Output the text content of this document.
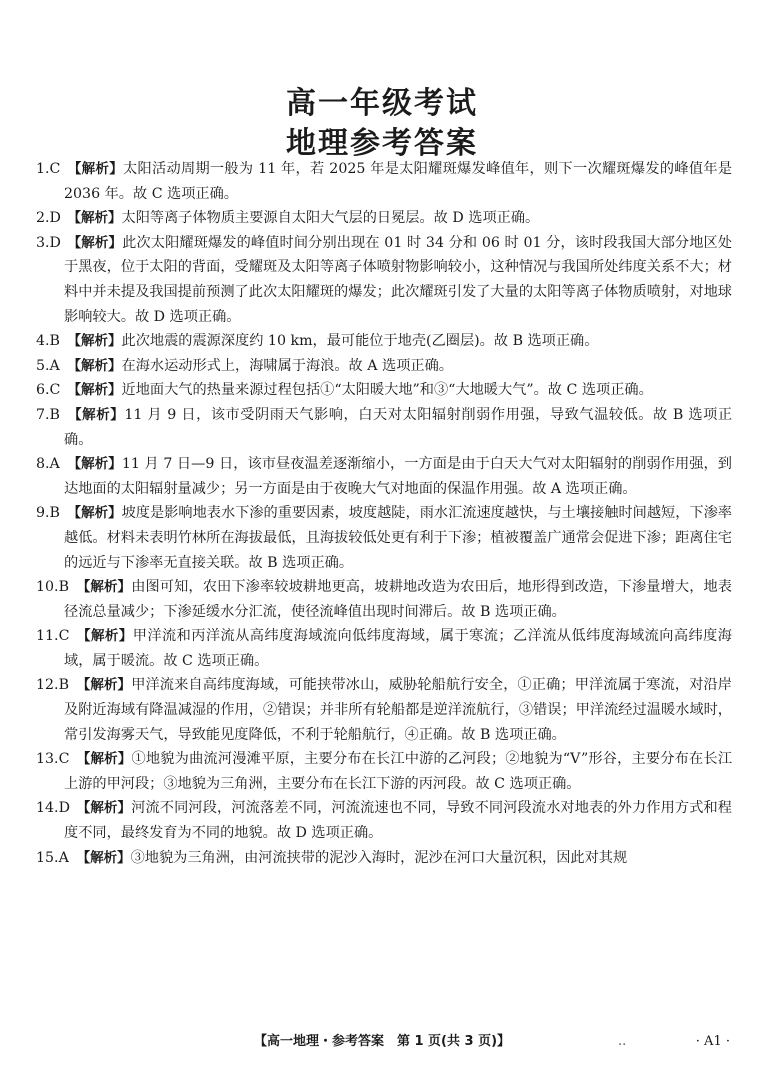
高一年级考试
地理参考答案
1.C 【解析】太阳活动周期一般为 11 年，若 2025 年是太阳耀斑爆发峰值年，则下一次耀斑爆发的峰值年是 2036 年。故 C 选项正确。
2.D 【解析】太阳等离子体物质主要源自太阳大气层的日冕层。故 D 选项正确。
3.D 【解析】此次太阳耀斑爆发的峰值时间分别出现在 01 时 34 分和 06 时 01 分，该时段我国大部分地区处于黑夜，位于太阳的背面，受耀斑及太阳等离子体喷射物影响较小，这种情况与我国所处纬度关系不大；材料中并未提及我国提前预测了此次太阳耀斑的爆发；此次耀斑引发了大量的太阳等离子体物质喷射，对地球影响较大。故 D 选项正确。
4.B 【解析】此次地震的震源深度约 10 km，最可能位于地壳(乙圈层)。故 B 选项正确。
5.A 【解析】在海水运动形式上，海啸属于海浪。故 A 选项正确。
6.C 【解析】近地面大气的热量来源过程包括①“太阳暖大地”和③“大地暖大气”。故 C 选项正确。
7.B 【解析】11 月 9 日，该市受阴雨天气影响，白天对太阳辐射削弱作用强，导致气温较低。故 B 选项正确。
8.A 【解析】11 月 7 日—9 日，该市昼夜温差逐渐缩小，一方面是由于白天大气对太阳辐射的削弱作用强，到达地面的太阳辐射量减少；另一方面是由于夜晚大气对地面的保温作用强。故 A 选项正确。
9.B 【解析】坡度是影响地表水下渗的重要因素，坡度越陡，雨水汇流速度越快，与土壤接触时间越短，下渗率越低。材料未表明竹林所在海拔最低，且海拔较低处更有利于下渗；植被覆盖广通常会促进下渗；距离住宅的远近与下渗率无直接关联。故 B 选项正确。
10.B 【解析】由图可知，农田下渗率较坡耕地更高，坡耕地改造为农田后，地形得到改造，下渗量增大，地表径流总量减少；下渗延缓水分汇流，使径流峰值出现时间滞后。故 B 选项正确。
11.C 【解析】甲洋流和丙洋流从高纬度海域流向低纬度海域，属于寒流；乙洋流从低纬度海域流向高纬度海域，属于暖流。故 C 选项正确。
12.B 【解析】甲洋流来自高纬度海域，可能挟带冰山，威胁轮船航行安全，①正确；甲洋流属于寒流，对沿岸及附近海域有降温减湿的作用，②错误；并非所有轮船都是逆洋流航行，③错误；甲洋流经过温暖水域时，常引发海雾天气，导致能见度降低，不利于轮船航行，④正确。故 B 选项正确。
13.C 【解析】①地貌为曲流河漫滩平原，主要分布在长江中游的乙河段；②地貌为“V”形谷，主要分布在长江上游的甲河段；③地貌为三角洲，主要分布在长江下游的丙河段。故 C 选项正确。
14.D 【解析】河流不同河段，河流落差不同，河流流速也不同，导致不同河段流水对地表的外力作用方式和程度不同，最终发育为不同的地貌。故 D 选项正确。
15.A 【解析】③地貌为三角洲，由河流挟带的泥沙入海时，泥沙在河口大量沉积，因此对其规
【高一地理・参考答案　第 1 页(共 3 页)】	..	· A1 ·
